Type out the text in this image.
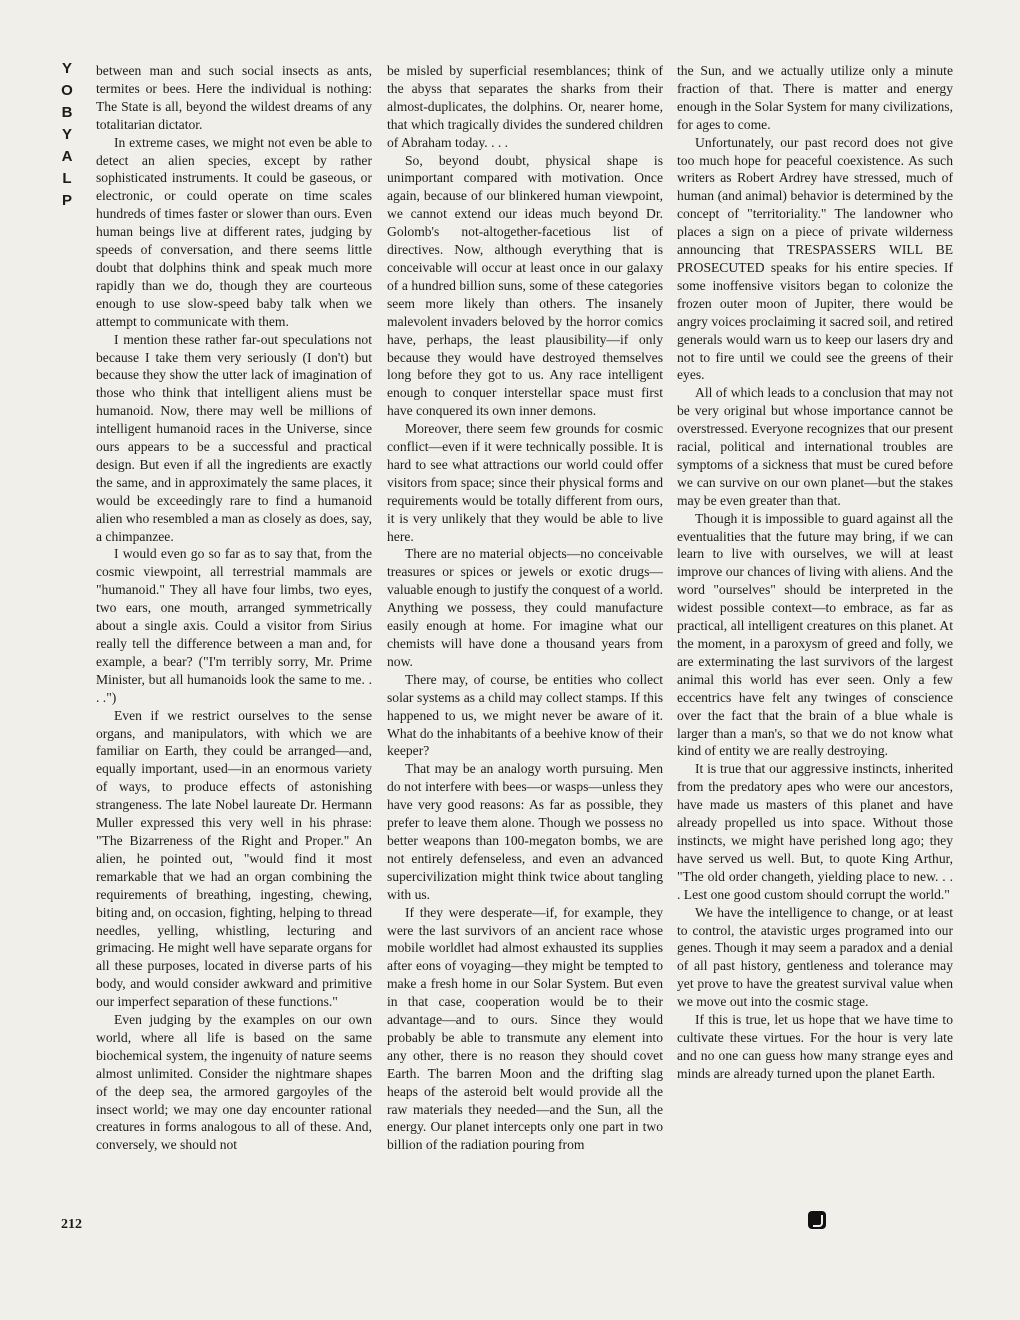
Y
O
B
Y
A
L
P

between man and such social insects as ants, termites or bees. Here the individual is nothing: The State is all, beyond the wildest dreams of any totalitarian dictator.

In extreme cases, we might not even be able to detect an alien species, except by rather sophisticated instruments. It could be gaseous, or electronic, or could operate on time scales hundreds of times faster or slower than ours. Even human beings live at different rates, judging by speeds of conversation, and there seems little doubt that dolphins think and speak much more rapidly than we do, though they are courteous enough to use slow-speed baby talk when we attempt to communicate with them.

I mention these rather far-out speculations not because I take them very seriously (I don't) but because they show the utter lack of imagination of those who think that intelligent aliens must be humanoid. Now, there may well be millions of intelligent humanoid races in the Universe, since ours appears to be a successful and practical design. But even if all the ingredients are exactly the same, and in approximately the same places, it would be exceedingly rare to find a humanoid alien who resembled a man as closely as does, say, a chimpanzee.

I would even go so far as to say that, from the cosmic viewpoint, all terrestrial mammals are "humanoid." They all have four limbs, two eyes, two ears, one mouth, arranged symmetrically about a single axis. Could a visitor from Sirius really tell the difference between a man and, for example, a bear? ("I'm terribly sorry, Mr. Prime Minister, but all humanoids look the same to me. . . .")

Even if we restrict ourselves to the sense organs, and manipulators, with which we are familiar on Earth, they could be arranged—and, equally important, used—in an enormous variety of ways, to produce effects of astonishing strangeness. The late Nobel laureate Dr. Hermann Muller expressed this very well in his phrase: "The Bizarreness of the Right and Proper." An alien, he pointed out, "would find it most remarkable that we had an organ combining the requirements of breathing, ingesting, chewing, biting and, on occasion, fighting, helping to thread needles, yelling, whistling, lecturing and grimacing. He might well have separate organs for all these purposes, located in diverse parts of his body, and would consider awkward and primitive our imperfect separation of these functions."

Even judging by the examples on our own world, where all life is based on the same biochemical system, the ingenuity of nature seems almost unlimited. Consider the nightmare shapes of the deep sea, the armored gargoyles of the insect world; we may one day encounter rational creatures in forms analogous to all of these. And, conversely, we should not

be misled by superficial resemblances; think of the abyss that separates the sharks from their almost-duplicates, the dolphins. Or, nearer home, that which tragically divides the sundered children of Abraham today. . . .

So, beyond doubt, physical shape is unimportant compared with motivation. Once again, because of our blinkered human viewpoint, we cannot extend our ideas much beyond Dr. Golomb's not-altogether-facetious list of directives. Now, although everything that is conceivable will occur at least once in our galaxy of a hundred billion suns, some of these categories seem more likely than others. The insanely malevolent invaders beloved by the horror comics have, perhaps, the least plausibility—if only because they would have destroyed themselves long before they got to us. Any race intelligent enough to conquer interstellar space must first have conquered its own inner demons.

Moreover, there seem few grounds for cosmic conflict—even if it were technically possible. It is hard to see what attractions our world could offer visitors from space; since their physical forms and requirements would be totally different from ours, it is very unlikely that they would be able to live here.

There are no material objects—no conceivable treasures or spices or jewels or exotic drugs—valuable enough to justify the conquest of a world. Anything we possess, they could manufacture easily enough at home. For imagine what our chemists will have done a thousand years from now.

There may, of course, be entities who collect solar systems as a child may collect stamps. If this happened to us, we might never be aware of it. What do the inhabitants of a beehive know of their keeper?

That may be an analogy worth pursuing. Men do not interfere with bees—or wasps—unless they have very good reasons: As far as possible, they prefer to leave them alone. Though we possess no better weapons than 100-megaton bombs, we are not entirely defenseless, and even an advanced supercivilization might think twice about tangling with us.

If they were desperate—if, for example, they were the last survivors of an ancient race whose mobile worldlet had almost exhausted its supplies after eons of voyaging—they might be tempted to make a fresh home in our Solar System. But even in that case, cooperation would be to their advantage—and to ours. Since they would probably be able to transmute any element into any other, there is no reason they should covet Earth. The barren Moon and the drifting slag heaps of the asteroid belt would provide all the raw materials they needed—and the Sun, all the energy. Our planet intercepts only one part in two billion of the radiation pouring from

the Sun, and we actually utilize only a minute fraction of that. There is matter and energy enough in the Solar System for many civilizations, for ages to come.

Unfortunately, our past record does not give too much hope for peaceful coexistence. As such writers as Robert Ardrey have stressed, much of human (and animal) behavior is determined by the concept of "territoriality." The landowner who places a sign on a piece of private wilderness announcing that TRESPASSERS WILL BE PROSECUTED speaks for his entire species. If some inoffensive visitors began to colonize the frozen outer moon of Jupiter, there would be angry voices proclaiming it sacred soil, and retired generals would warn us to keep our lasers dry and not to fire until we could see the greens of their eyes.

All of which leads to a conclusion that may not be very original but whose importance cannot be overstressed. Everyone recognizes that our present racial, political and international troubles are symptoms of a sickness that must be cured before we can survive on our own planet—but the stakes may be even greater than that.

Though it is impossible to guard against all the eventualities that the future may bring, if we can learn to live with ourselves, we will at least improve our chances of living with aliens. And the word "ourselves" should be interpreted in the widest possible context—to embrace, as far as practical, all intelligent creatures on this planet. At the moment, in a paroxysm of greed and folly, we are exterminating the last survivors of the largest animal this world has ever seen. Only a few eccentrics have felt any twinges of conscience over the fact that the brain of a blue whale is larger than a man's, so that we do not know what kind of entity we are really destroying.

It is true that our aggressive instincts, inherited from the predatory apes who were our ancestors, have made us masters of this planet and have already propelled us into space. Without those instincts, we might have perished long ago; they have served us well. But, to quote King Arthur, "The old order changeth, yielding place to new. . . . Lest one good custom should corrupt the world."

We have the intelligence to change, or at least to control, the atavistic urges programed into our genes. Though it may seem a paradox and a denial of all past history, gentleness and tolerance may yet prove to have the greatest survival value when we move out into the cosmic stage.

If this is true, let us hope that we have time to cultivate these virtues. For the hour is very late and no one can guess how many strange eyes and minds are already turned upon the planet Earth.

212
